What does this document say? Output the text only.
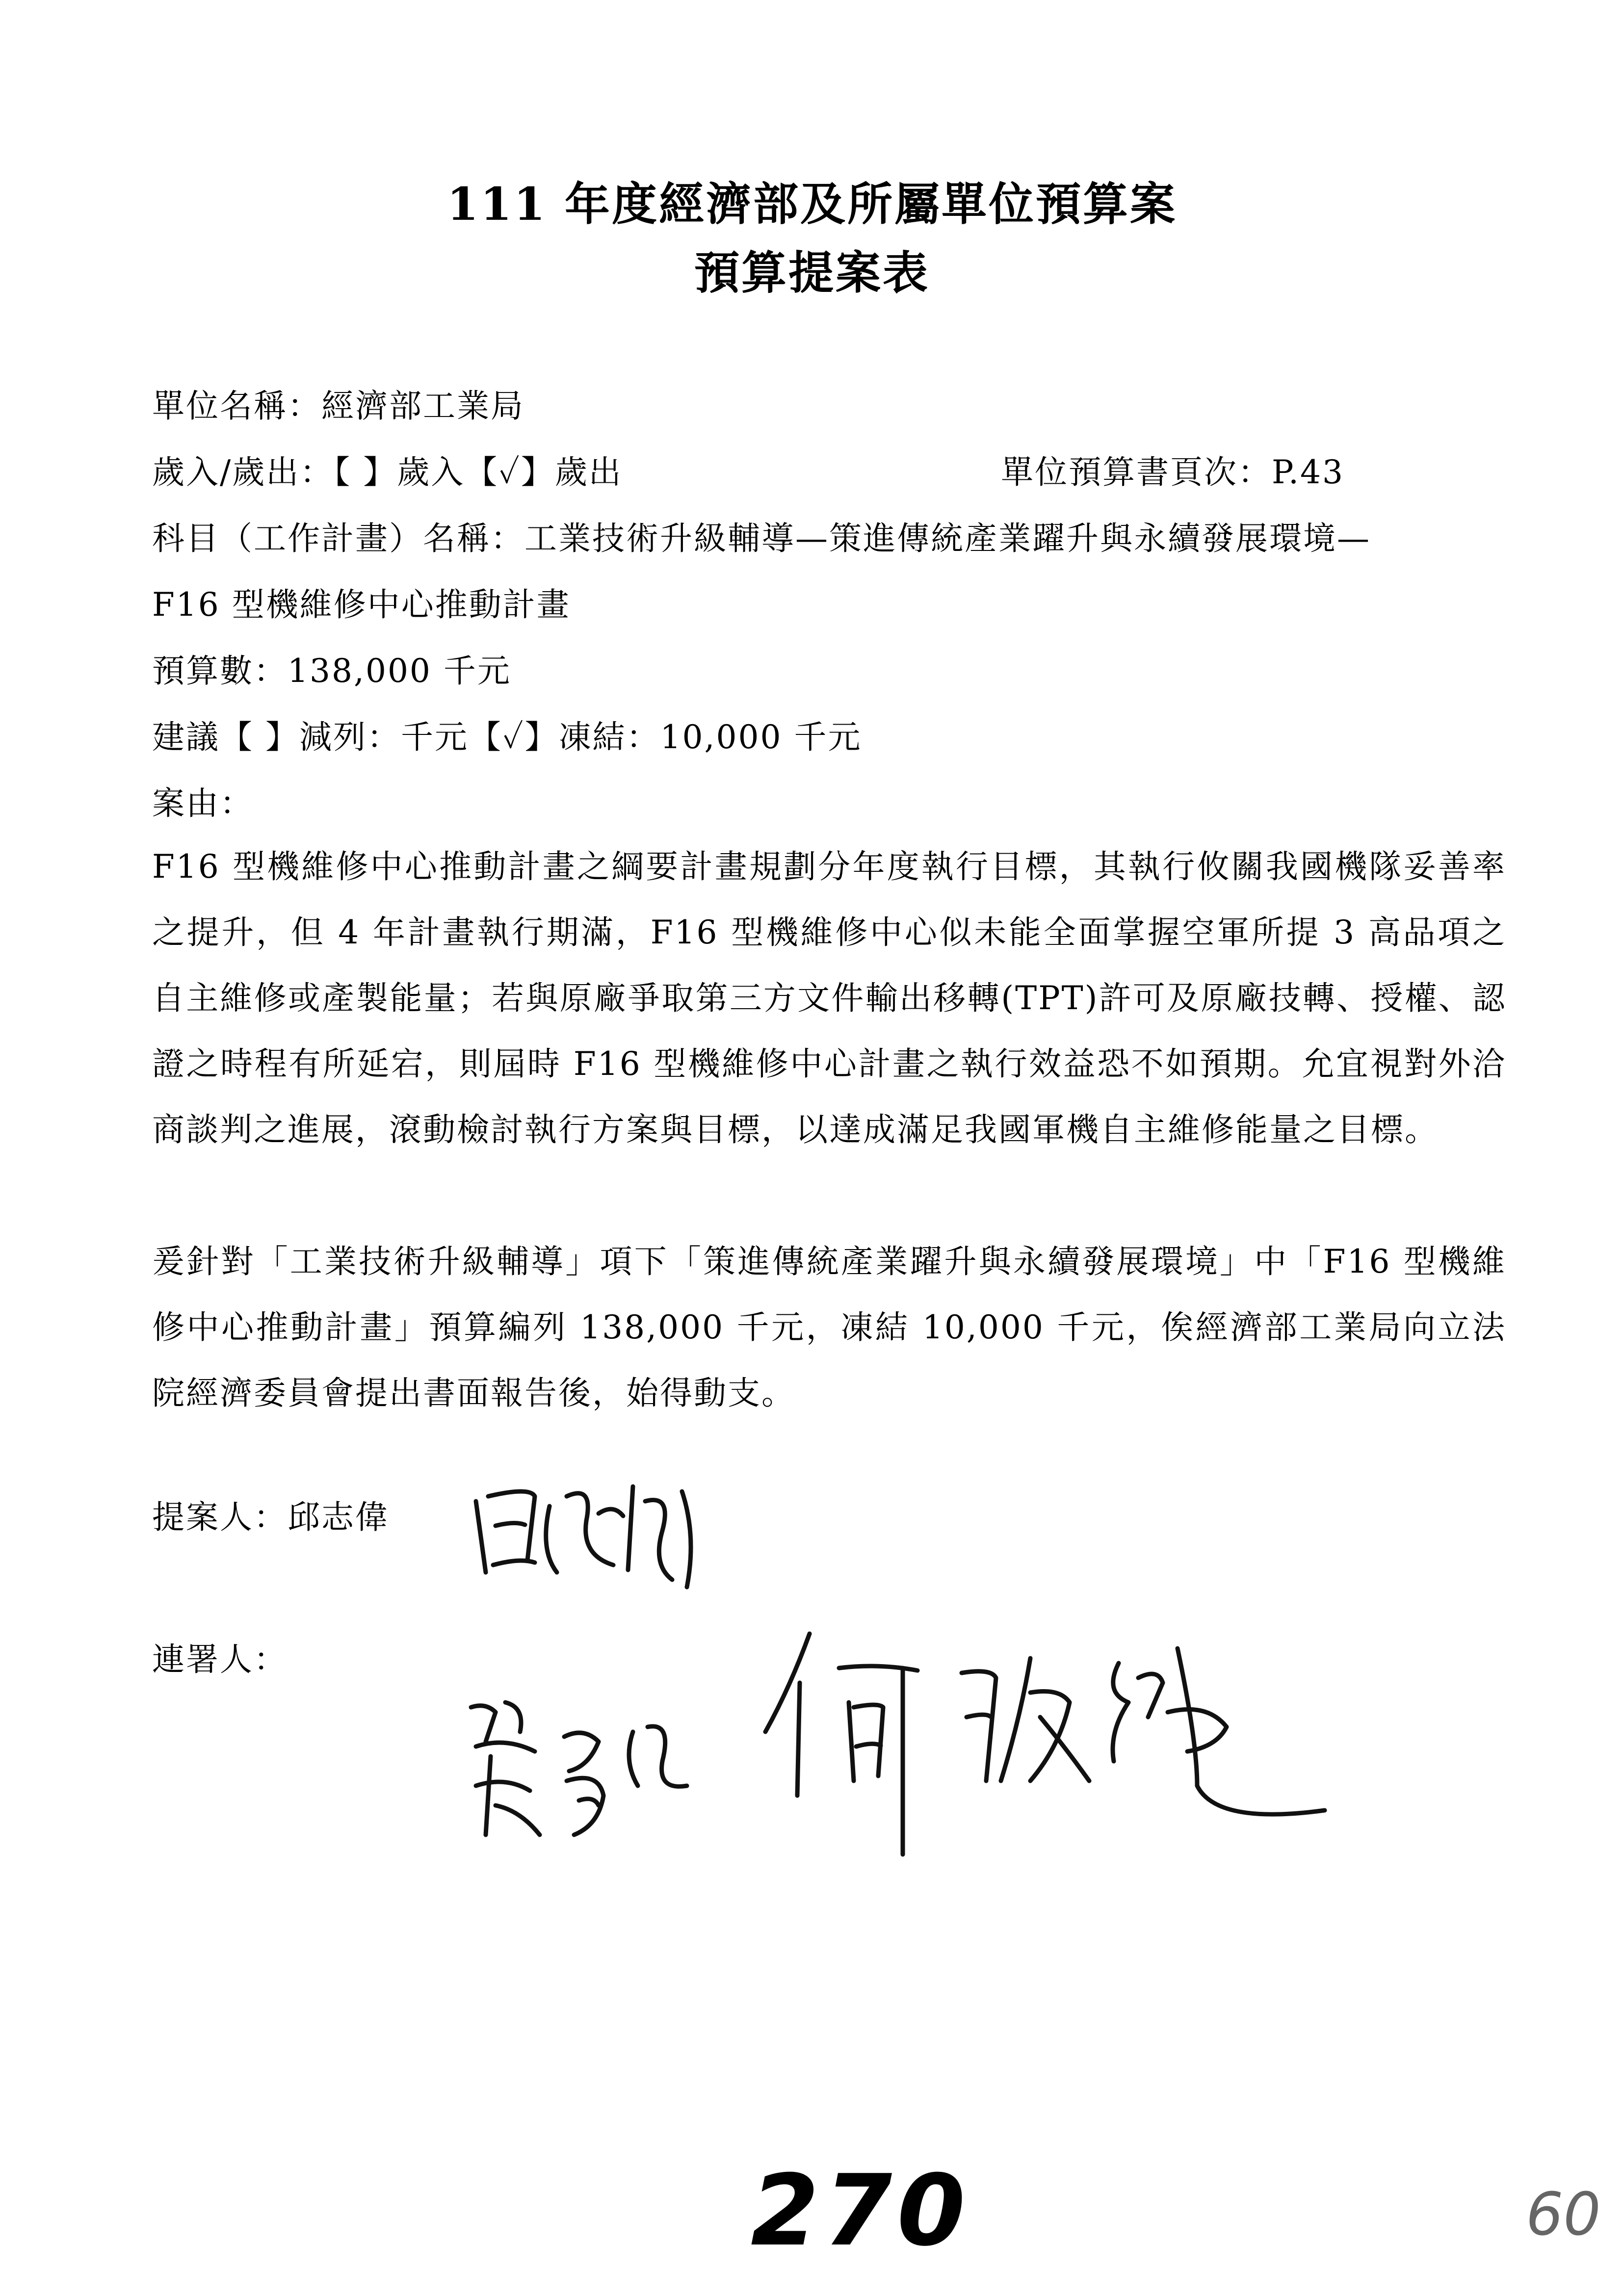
111 年度經濟部及所屬單位預算案
預算提案表
單位名稱：經濟部工業局
歲入/歲出：【 】歲入【✓】歲出	單位預算書頁次：P.43
科目（工作計畫）名稱：工業技術升級輔導—策進傳統產業躍升與永續發展環境—
F16 型機維修中心推動計畫
預算數：138,000 千元
建議【 】減列：千元【✓】凍結：10,000 千元
案由：
F16 型機維修中心推動計畫之綱要計畫規劃分年度執行目標，其執行攸關我國機隊妥善率之提升，但 4 年計畫執行期滿，F16 型機維修中心似未能全面掌握空軍所提 3 高品項之自主維修或產製能量；若與原廠爭取第三方文件輸出移轉(TPT)許可及原廠技轉、授權、認證之時程有所延宕，則屆時 F16 型機維修中心計畫之執行效益恐不如預期。允宜視對外洽商談判之進展，滾動檢討執行方案與目標，以達成滿足我國軍機自主維修能量之目標。
爰針對「工業技術升級輔導」項下「策進傳統產業躍升與永續發展環境」中「F16 型機維修中心推動計畫」預算編列 138,000 千元，凍結 10,000 千元，俟經濟部工業局向立法院經濟委員會提出書面報告後，始得動支。
提案人：邱志偉
連署人：
270	60
